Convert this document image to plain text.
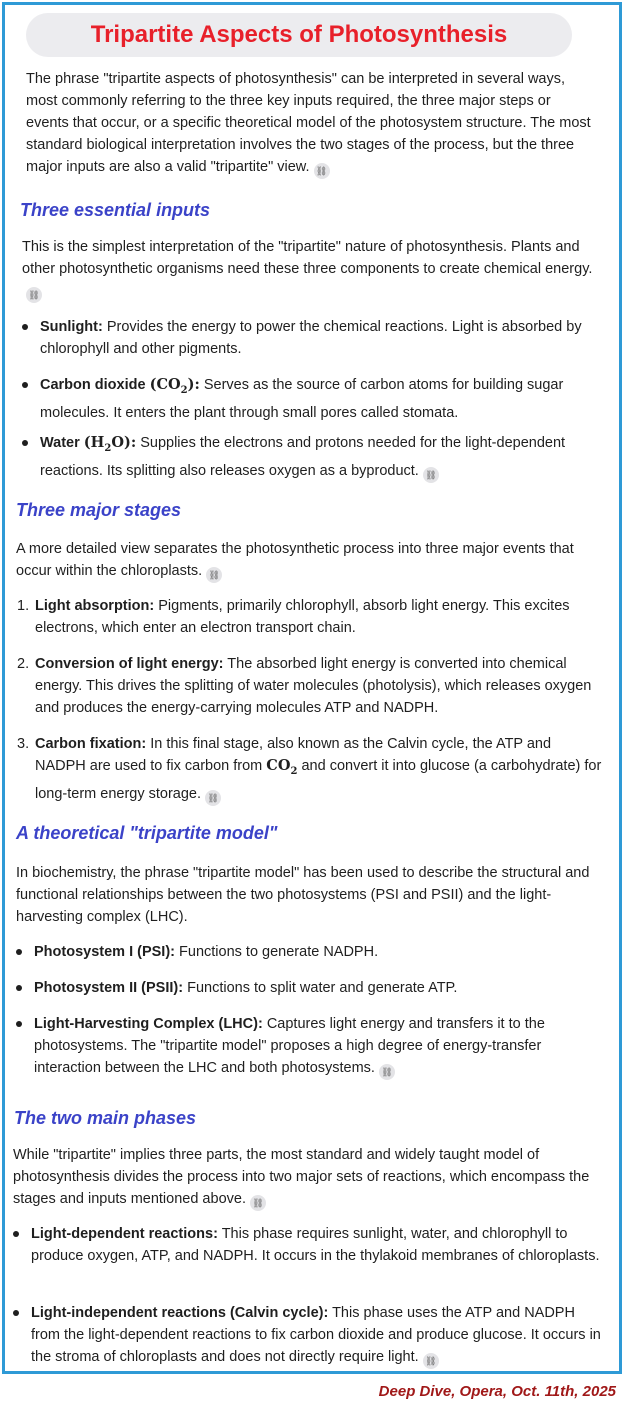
Tripartite Aspects of Photosynthesis

The phrase "tripartite aspects of photosynthesis" can be interpreted in several ways, most commonly referring to the three key inputs required, the three major steps or events that occur, or a specific theoretical model of the photosystem structure. The most standard biological interpretation involves the two stages of the process, but the three major inputs are also a valid "tripartite" view. ⛓

Three essential inputs

This is the simplest interpretation of the "tripartite" nature of photosynthesis. Plants and other photosynthetic organisms need these three components to create chemical energy.⛓

Sunlight: Provides the energy to power the chemical reactions. Light is absorbed by chlorophyll and other pigments.
Carbon dioxide $(CO_2)$: Serves as the source of carbon atoms for building sugar molecules. It enters the plant through small pores called stomata.
Water $(H_2O)$: Supplies the electrons and protons needed for the light-dependent reactions. Its splitting also releases oxygen as a byproduct. ⛓
Three major stages

A more detailed view separates the photosynthetic process into three major events that occur within the chloroplasts. ⛓

1. Light absorption: Pigments, primarily chlorophyll, absorb light energy. This excites electrons, which enter an electron transport chain.
2. Conversion of light energy: The absorbed light energy is converted into chemical energy. This drives the splitting of water molecules (photolysis), which releases oxygen and produces the energy-carrying molecules ATP and NADPH.
3. Carbon fixation: In this final stage, also known as the Calvin cycle, the ATP and NADPH are used to fix carbon from $CO_2$ and convert it into glucose (a carbohydrate) for long-term energy storage. ⛓
A theoretical "tripartite model"

In biochemistry, the phrase "tripartite model" has been used to describe the structural and functional relationships between the two photosystems (PSI and PSII) and the light-harvesting complex (LHC).

Photosystem I (PSI): Functions to generate NADPH.
Photosystem II (PSII): Functions to split water and generate ATP.
Light-Harvesting Complex (LHC): Captures light energy and transfers it to the photosystems. The "tripartite model" proposes a high degree of energy-transfer interaction between the LHC and both photosystems. ⛓
The two main phases

While "tripartite" implies three parts, the most standard and widely taught model of photosynthesis divides the process into two major sets of reactions, which encompass the stages and inputs mentioned above. ⛓

Light-dependent reactions: This phase requires sunlight, water, and chlorophyll to produce oxygen, ATP, and NADPH. It occurs in the thylakoid membranes of chloroplasts.
Light-independent reactions (Calvin cycle): This phase uses the ATP and NADPH from the light-dependent reactions to fix carbon dioxide and produce glucose. It occurs in the stroma of chloroplasts and does not directly require light. ⛓
Deep Dive, Opera, Oct. 11th, 2025
